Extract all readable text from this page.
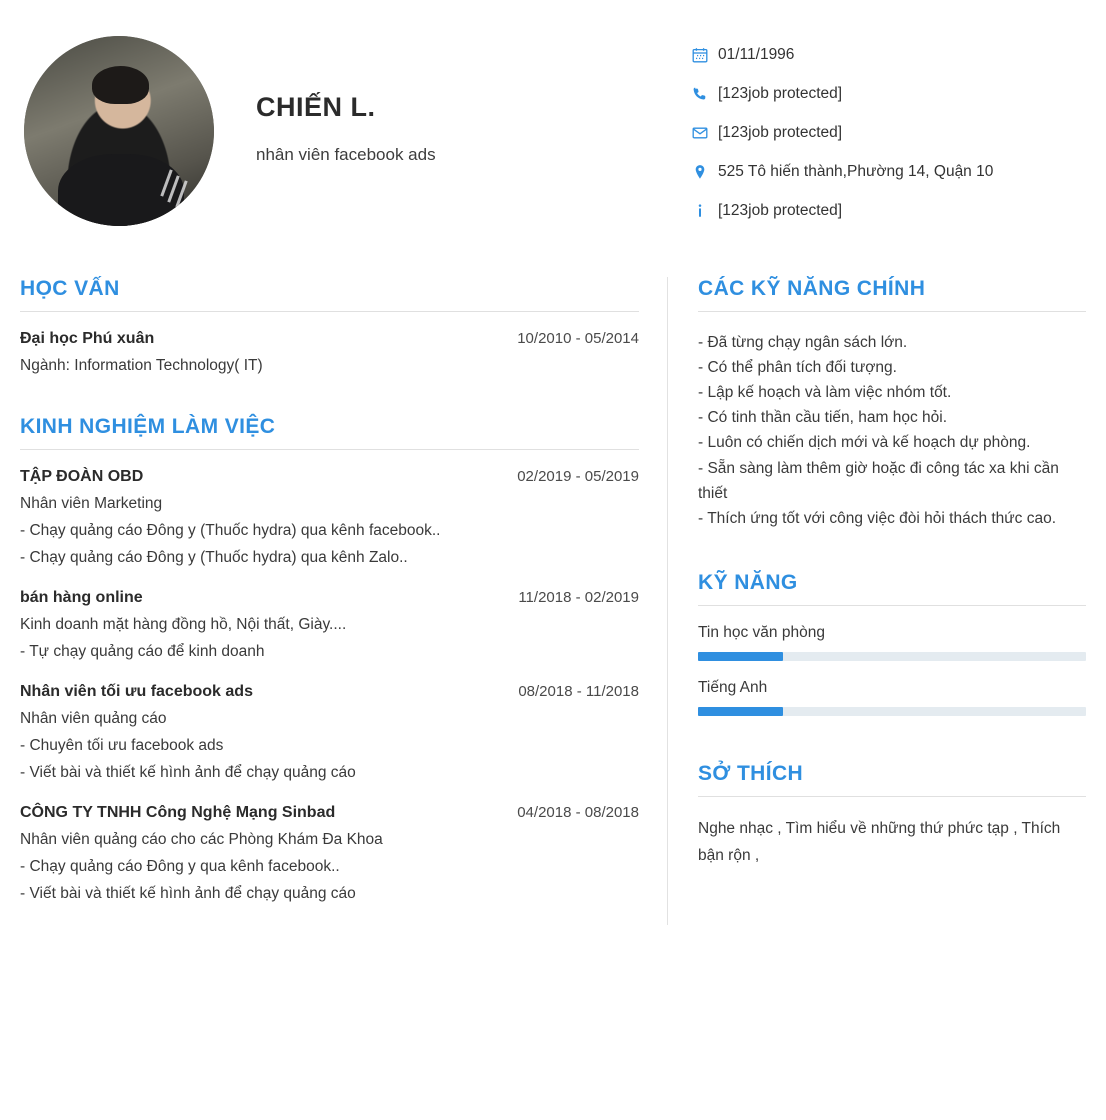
CHIẾN L.

nhân viên facebook ads

01/11/1996
[123job protected]
[123job protected]
525 Tô hiến thành,Phường 14, Quận 10
[123job protected]
HỌC VẤN
Đại học Phú xuân	10/2010 - 05/2014
Ngành: Information Technology( IT)
KINH NGHIỆM LÀM VIỆC
TẬP ĐOÀN OBD	02/2019 - 05/2019
Nhân viên Marketing
- Chạy quảng cáo Đông y (Thuốc hydra) qua kênh facebook..
- Chạy quảng cáo Đông y (Thuốc hydra) qua kênh Zalo..
bán hàng online	11/2018 - 02/2019
Kinh doanh mặt hàng đồng hồ, Nội thất, Giày....
- Tự chạy quảng cáo để kinh doanh
Nhân viên tối ưu facebook ads	08/2018 - 11/2018
Nhân viên quảng cáo
- Chuyên tối ưu facebook ads
- Viết bài và thiết kế hình ảnh để chạy quảng cáo
CÔNG TY TNHH Công Nghệ Mạng Sinbad	04/2018 - 08/2018
Nhân viên quảng cáo cho các Phòng Khám Đa Khoa
- Chạy quảng cáo Đông y qua kênh facebook..
- Viết bài và thiết kế hình ảnh để chạy quảng cáo
CÁC KỸ NĂNG CHÍNH
- Đã từng chạy ngân sách lớn.
- Có thể phân tích đối tượng.
- Lập kế hoạch và làm việc nhóm tốt.
- Có tinh thần cầu tiến, ham học hỏi.
- Luôn có chiến dịch mới và kế hoạch dự phòng.
- Sẵn sàng làm thêm giờ hoặc đi công tác xa khi cần thiết
- Thích ứng tốt với công việc đòi hỏi thách thức cao.
KỸ NĂNG
Tin học văn phòng
Tiếng Anh
SỞ THÍCH
Nghe nhạc , Tìm hiểu về những thứ phức tạp , Thích bận rộn ,
